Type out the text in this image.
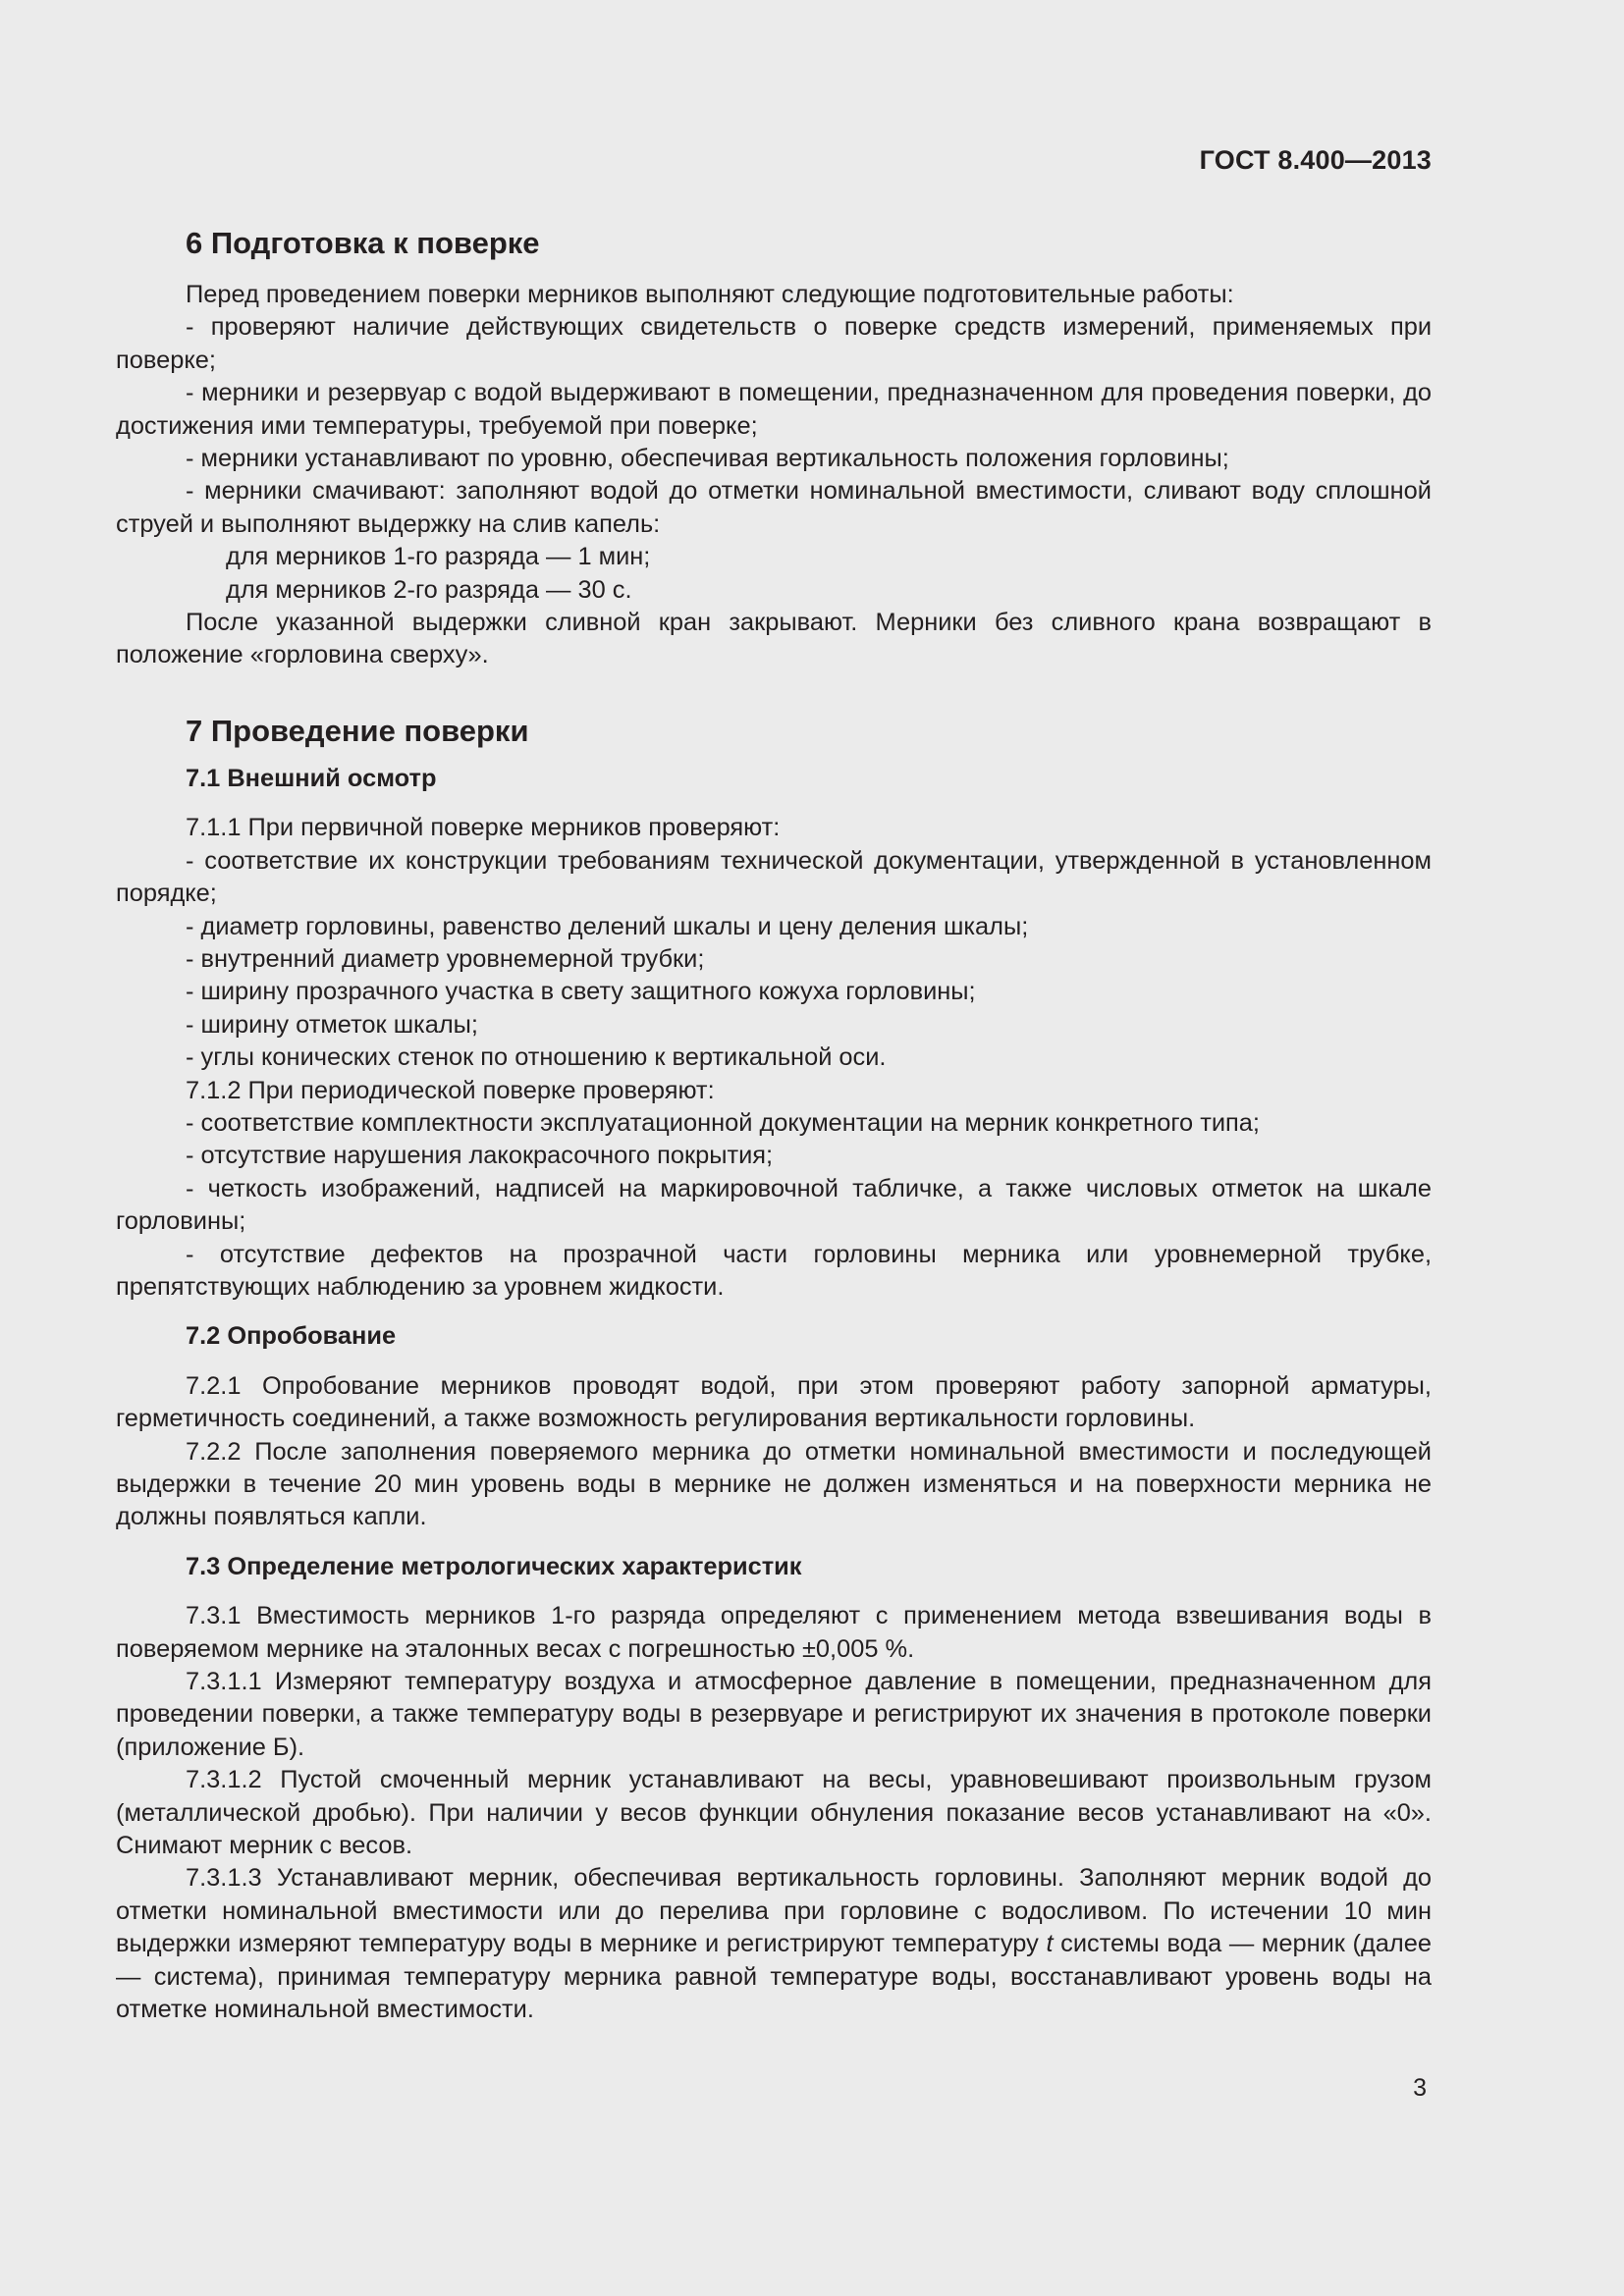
ГОСТ 8.400—2013
6 Подготовка к поверке

Перед проведением поверки мерников выполняют следующие подготовительные работы:

- проверяют наличие действующих свидетельств о поверке средств измерений, применяемых при поверке;

- мерники и резервуар с водой выдерживают в помещении, предназначенном для проведения поверки, до достижения ими температуры, требуемой при поверке;

- мерники устанавливают по уровню, обеспечивая вертикальность положения горловины;

- мерники смачивают: заполняют водой до отметки номинальной вместимости, сливают воду сплошной струей и выполняют выдержку на слив капель:

для мерников 1-го разряда — 1 мин;

для мерников 2-го разряда — 30 с.

После указанной выдержки сливной кран закрывают. Мерники без сливного крана возвращают в положение «горловина сверху».

7 Проведение поверки
7.1 Внешний осмотр

7.1.1 При первичной поверке мерников проверяют:

- соответствие их конструкции требованиям технической документации, утвержденной в установленном порядке;

- диаметр горловины, равенство делений шкалы и цену деления шкалы;

- внутренний диаметр уровнемерной трубки;

- ширину прозрачного участка в свету защитного кожуха горловины;

- ширину отметок шкалы;

- углы конических стенок по отношению к вертикальной оси.

7.1.2 При периодической поверке проверяют:

- соответствие комплектности эксплуатационной документации на мерник конкретного типа;

- отсутствие нарушения лакокрасочного покрытия;

- четкость изображений, надписей на маркировочной табличке, а также числовых отметок на шкале горловины;

- отсутствие дефектов на прозрачной части горловины мерника или уровнемерной трубке, препятствующих наблюдению за уровнем жидкости.

7.2 Опробование

7.2.1 Опробование мерников проводят водой, при этом проверяют работу запорной арматуры, герметичность соединений, а также возможность регулирования вертикальности горловины.

7.2.2 После заполнения поверяемого мерника до отметки номинальной вместимости и последующей выдержки в течение 20 мин уровень воды в мернике не должен изменяться и на поверхности мерника не должны появляться капли.

7.3 Определение метрологических характеристик

7.3.1 Вместимость мерников 1-го разряда определяют с применением метода взвешивания воды в поверяемом мернике на эталонных весах с погрешностью ±0,005 %.

7.3.1.1 Измеряют температуру воздуха и атмосферное давление в помещении, предназначенном для проведении поверки, а также температуру воды в резервуаре и регистрируют их значения в протоколе поверки (приложение Б).

7.3.1.2 Пустой смоченный мерник устанавливают на весы, уравновешивают произвольным грузом (металлической дробью). При наличии у весов функции обнуления показание весов устанавливают на «0». Снимают мерник с весов.

7.3.1.3 Устанавливают мерник, обеспечивая вертикальность горловины. Заполняют мерник водой до отметки номинальной вместимости или до перелива при горловине с водосливом. По истечении 10 мин выдержки измеряют температуру воды в мернике и регистрируют температуру t системы вода — мерник (далее — система), принимая температуру мерника равной температуре воды, восстанавливают уровень воды на отметке номинальной вместимости.

3
